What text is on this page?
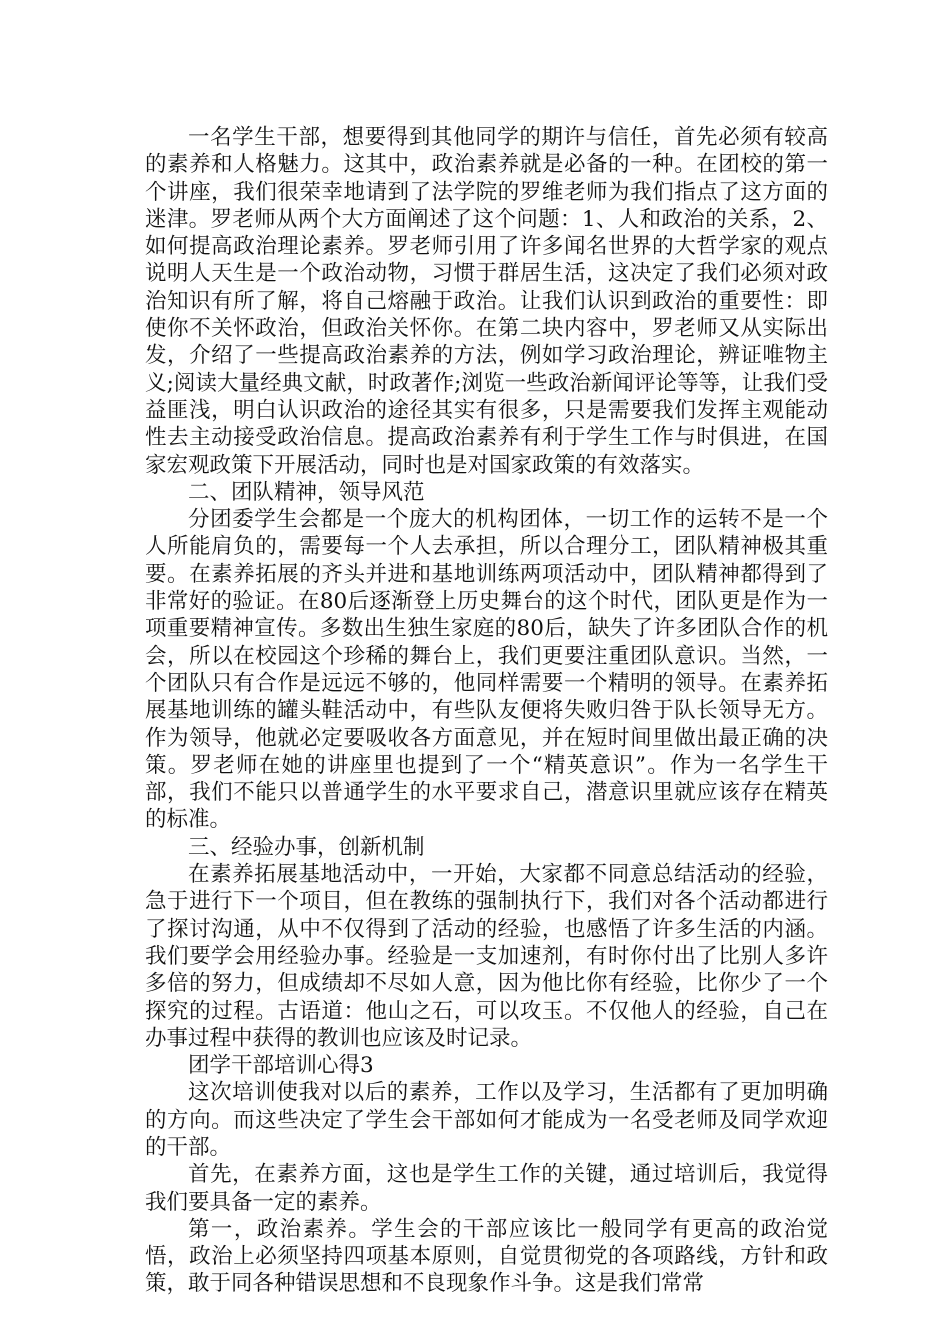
一名学生干部，想要得到其他同学的期许与信任，首先必须有较高的素养和人格魅力。这其中，政治素养就是必备的一种。在团校的第一个讲座，我们很荣幸地请到了法学院的罗维老师为我们指点了这方面的迷津。罗老师从两个大方面阐述了这个问题：1、人和政治的关系，2、如何提高政治理论素养。罗老师引用了许多闻名世界的大哲学家的观点说明人天生是一个政治动物，习惯于群居生活，这决定了我们必须对政治知识有所了解，将自己熔融于政治。让我们认识到政治的重要性：即使你不关怀政治，但政治关怀你。在第二块内容中，罗老师又从实际出发，介绍了一些提高政治素养的方法，例如学习政治理论，辨证唯物主义;阅读大量经典文献，时政著作;浏览一些政治新闻评论等等，让我们受益匪浅，明白认识政治的途径其实有很多，只是需要我们发挥主观能动性去主动接受政治信息。提高政治素养有利于学生工作与时俱进，在国家宏观政策下开展活动，同时也是对国家政策的有效落实。

二、团队精神，领导风范

分团委学生会都是一个庞大的机构团体，一切工作的运转不是一个人所能肩负的，需要每一个人去承担，所以合理分工，团队精神极其重要。在素养拓展的齐头并进和基地训练两项活动中，团队精神都得到了非常好的验证。在80后逐渐登上历史舞台的这个时代，团队更是作为一项重要精神宣传。多数出生独生家庭的80后，缺失了许多团队合作的机会，所以在校园这个珍稀的舞台上，我们更要注重团队意识。当然，一个团队只有合作是远远不够的，他同样需要一个精明的领导。在素养拓展基地训练的罐头鞋活动中，有些队友便将失败归咎于队长领导无方。作为领导，他就必定要吸收各方面意见，并在短时间里做出最正确的决策。罗老师在她的讲座里也提到了一个“精英意识”。作为一名学生干部，我们不能只以普通学生的水平要求自己，潜意识里就应该存在精英的标准。

三、经验办事，创新机制

在素养拓展基地活动中，一开始，大家都不同意总结活动的经验，急于进行下一个项目，但在教练的强制执行下，我们对各个活动都进行了探讨沟通，从中不仅得到了活动的经验，也感悟了许多生活的内涵。我们要学会用经验办事。经验是一支加速剂，有时你付出了比别人多许多倍的努力，但成绩却不尽如人意，因为他比你有经验，比你少了一个探究的过程。古语道：他山之石，可以攻玉。不仅他人的经验，自己在办事过程中获得的教训也应该及时记录。

团学干部培训心得3

这次培训使我对以后的素养，工作以及学习，生活都有了更加明确的方向。而这些决定了学生会干部如何才能成为一名受老师及同学欢迎的干部。

首先，在素养方面，这也是学生工作的关键，通过培训后，我觉得我们要具备一定的素养。

第一，政治素养。学生会的干部应该比一般同学有更高的政治觉悟，政治上必须坚持四项基本原则，自觉贯彻党的各项路线，方针和政策，敢于同各种错误思想和不良现象作斗争。这是我们常常
